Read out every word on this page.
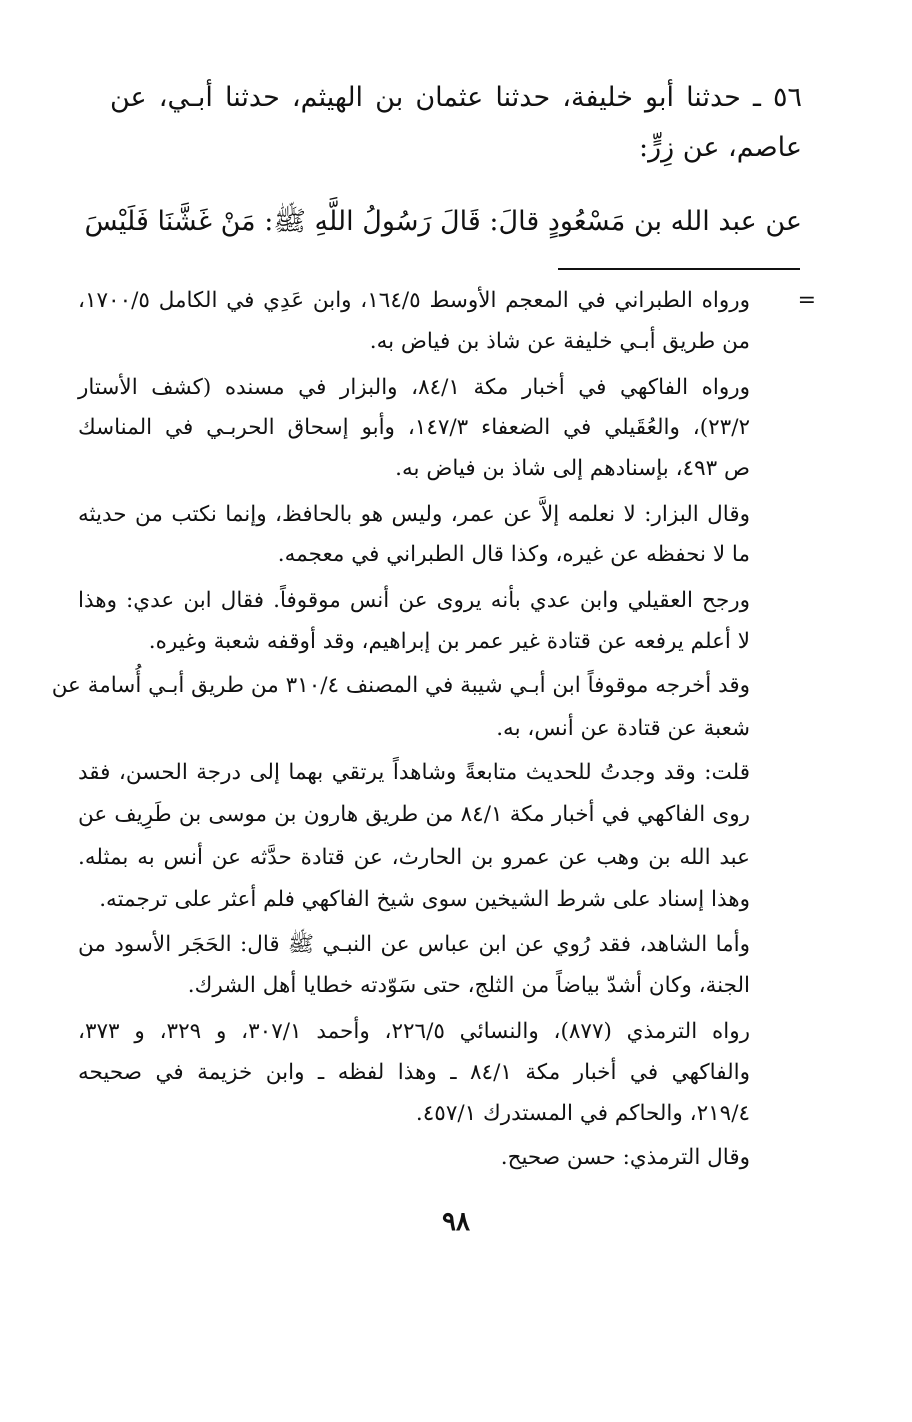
٥٦ ـ حدثنا أبو خليفة، حدثنا عثمان بن الهيثم، حدثنا أبـي، عن
عاصم، عن زِرٍّ:
عن عبد الله بن مَسْعُودٍ قالَ: قَالَ رَسُولُ اللَّهِ ﷺ: مَنْ غَشَّنَا فَلَيْسَ
=
ورواه الطبراني في المعجم الأوسط ١٦٤/٥، وابن عَدِي في الكامل ١٧٠٠/٥،
من طريق أبـي خليفة عن شاذ بن فياض به.
ورواه الفاكهي في أخبار مكة ٨٤/١، والبزار في مسنده (كشف الأستار
٢٣/٢)، والعُقَيلي في الضعفاء ١٤٧/٣، وأبو إسحاق الحربـي في المناسك
ص ٤٩٣، بإسنادهم إلى شاذ بن فياض به.
وقال البزار: لا نعلمه إلاَّ عن عمر، وليس هو بالحافظ، وإنما نكتب من حديثه
ما لا نحفظه عن غيره، وكذا قال الطبراني في معجمه.
ورجح العقيلي وابن عدي بأنه يروى عن أنس موقوفاً. فقال ابن عدي: وهذا
لا أعلم يرفعه عن قتادة غير عمر بن إبراهيم، وقد أوقفه شعبة وغيره.
وقد أخرجه موقوفاً ابن أبـي شيبة في المصنف ٣١٠/٤ من طريق أبـي أُسامة عن
شعبة عن قتادة عن أنس، به.
قلت: وقد وجدتُ للحديث متابعةً وشاهداً يرتقي بهما إلى درجة الحسن، فقد
روى الفاكهي في أخبار مكة ٨٤/١ من طريق هارون بن موسى بن طَرِيف عن
عبد الله بن وهب عن عمرو بن الحارث، عن قتادة حدَّثه عن أنس به بمثله.
وهذا إسناد على شرط الشيخين سوى شيخ الفاكهي فلم أعثر على ترجمته.
وأما الشاهد، فقد رُوي عن ابن عباس عن النبـي ﷺ قال: الحَجَر الأسود من
الجنة، وكان أشدّ بياضاً من الثلج، حتى سَوّدته خطايا أهل الشرك.
رواه الترمذي (٨٧٧)، والنسائي ٢٢٦/٥، وأحمد ٣٠٧/١، و ٣٢٩، و ٣٧٣،
والفاكهي في أخبار مكة ٨٤/١ ـ وهذا لفظه ـ وابن خزيمة في صحيحه
٢١٩/٤، والحاكم في المستدرك ٤٥٧/١.
وقال الترمذي: حسن صحيح.
٩٨
